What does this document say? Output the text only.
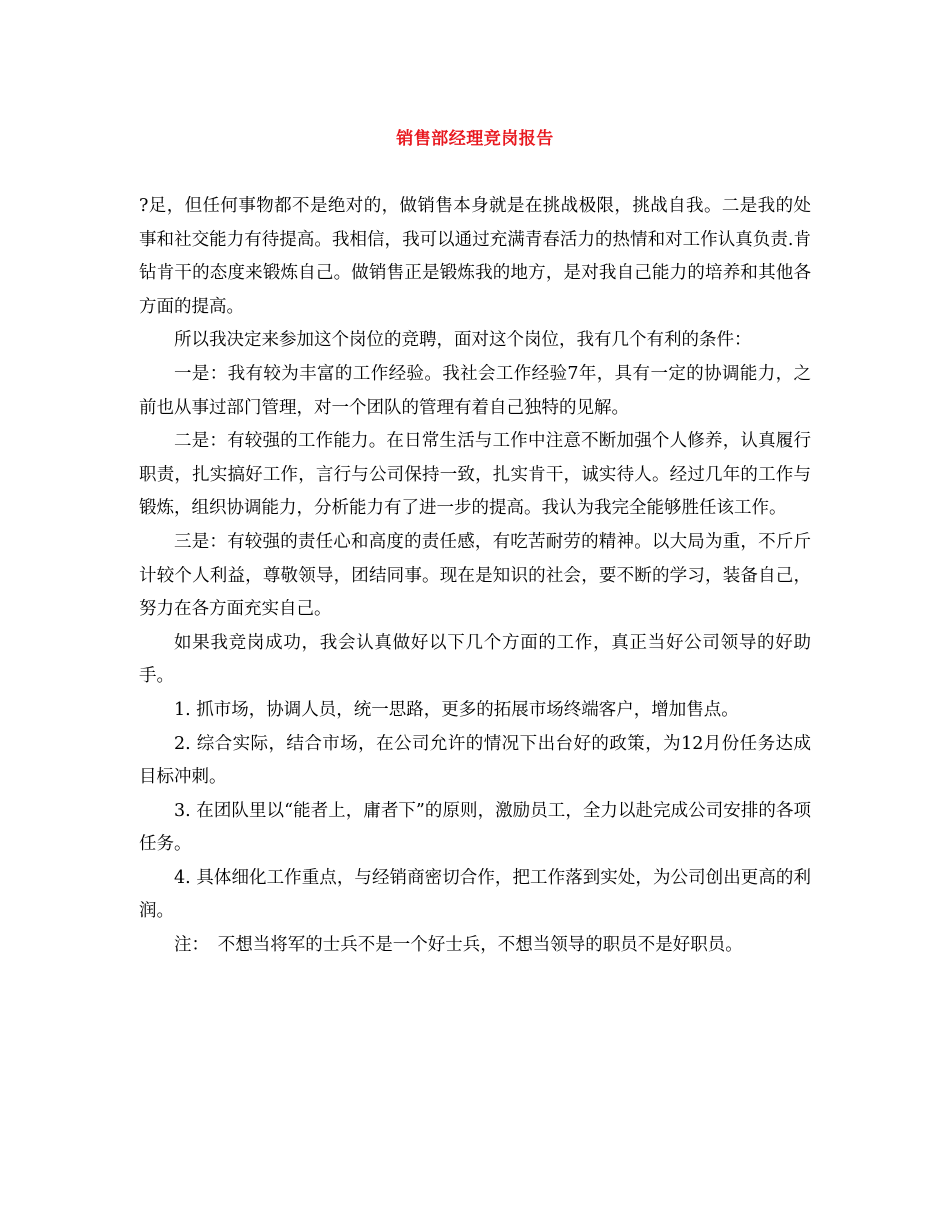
销售部经理竞岗报告

?足，但任何事物都不是绝对的，做销售本身就是在挑战极限，挑战自我。二是我的处事和社交能力有待提高。我相信，我可以通过充满青春活力的热情和对工作认真负责.肯钻肯干的态度来锻炼自己。做销售正是锻炼我的地方，是对我自己能力的培养和其他各方面的提高。

所以我决定来参加这个岗位的竞聘，面对这个岗位，我有几个有利的条件：

一是：我有较为丰富的工作经验。我社会工作经验7年，具有一定的协调能力，之前也从事过部门管理，对一个团队的管理有着自己独特的见解。

二是：有较强的工作能力。在日常生活与工作中注意不断加强个人修养，认真履行职责，扎实搞好工作，言行与公司保持一致，扎实肯干，诚实待人。经过几年的工作与锻炼，组织协调能力，分析能力有了进一步的提高。我认为我完全能够胜任该工作。

三是：有较强的责任心和高度的责任感，有吃苦耐劳的精神。以大局为重，不斤斤计较个人利益，尊敬领导，团结同事。现在是知识的社会，要不断的学习，装备自己，努力在各方面充实自己。

如果我竞岗成功，我会认真做好以下几个方面的工作，真正当好公司领导的好助手。

1. 抓市场，协调人员，统一思路，更多的拓展市场终端客户，增加售点。

2. 综合实际，结合市场，在公司允许的情况下出台好的政策，为12月份任务达成目标冲刺。

3. 在团队里以“能者上，庸者下”的原则，激励员工，全力以赴完成公司安排的各项任务。

4. 具体细化工作重点，与经销商密切合作，把工作落到实处，为公司创出更高的利润。

注：　不想当将军的士兵不是一个好士兵，不想当领导的职员不是好职员。
